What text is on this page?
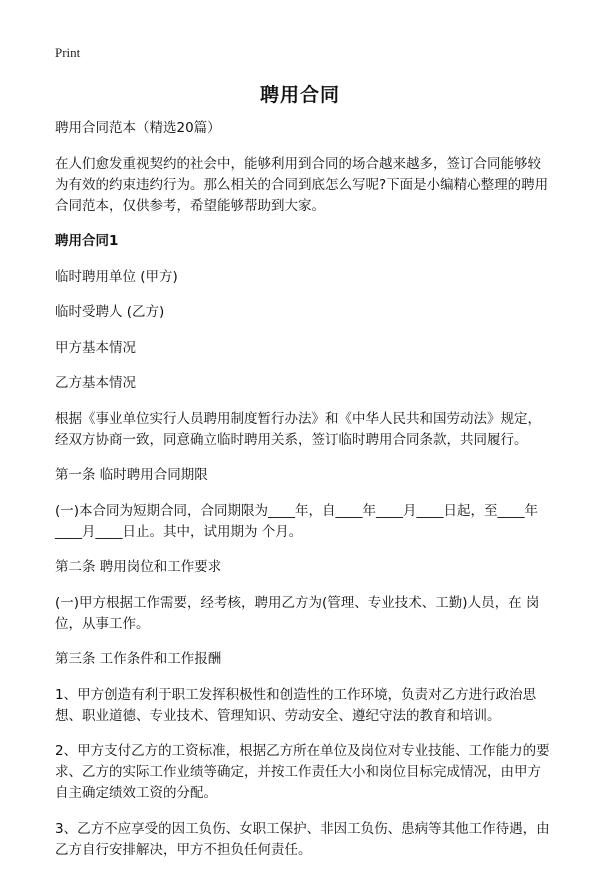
Print
聘用合同

聘用合同范本（精选20篇）

在人们愈发重视契约的社会中，能够利用到合同的场合越来越多，签订合同能够较为有效的约束违约行为。那么相关的合同到底怎么写呢?下面是小编精心整理的聘用合同范本，仅供参考，希望能够帮助到大家。

聘用合同1

临时聘用单位 (甲方)

临时受聘人 (乙方)

甲方基本情况

乙方基本情况

根据《事业单位实行人员聘用制度暂行办法》和《中华人民共和国劳动法》规定，经双方协商一致，同意确立临时聘用关系，签订临时聘用合同条款，共同履行。

第一条 临时聘用合同期限

(一)本合同为短期合同，合同期限为____年，自____年____月____日起，至____年____月____日止。其中，试用期为 个月。

第二条 聘用岗位和工作要求

(一)甲方根据工作需要，经考核，聘用乙方为(管理、专业技术、工勤)人员，在 岗位，从事工作。

第三条 工作条件和工作报酬

1、甲方创造有利于职工发挥积极性和创造性的工作环境，负责对乙方进行政治思想、职业道德、专业技术、管理知识、劳动安全、遵纪守法的教育和培训。

2、甲方支付乙方的工资标准，根据乙方所在单位及岗位对专业技能、工作能力的要求、乙方的实际工作业绩等确定，并按工作责任大小和岗位目标完成情况，由甲方自主确定绩效工资的分配。

3、乙方不应享受的因工负伤、女职工保护、非因工负伤、患病等其他工作待遇，由乙方自行安排解决，甲方不担负任何责任。
